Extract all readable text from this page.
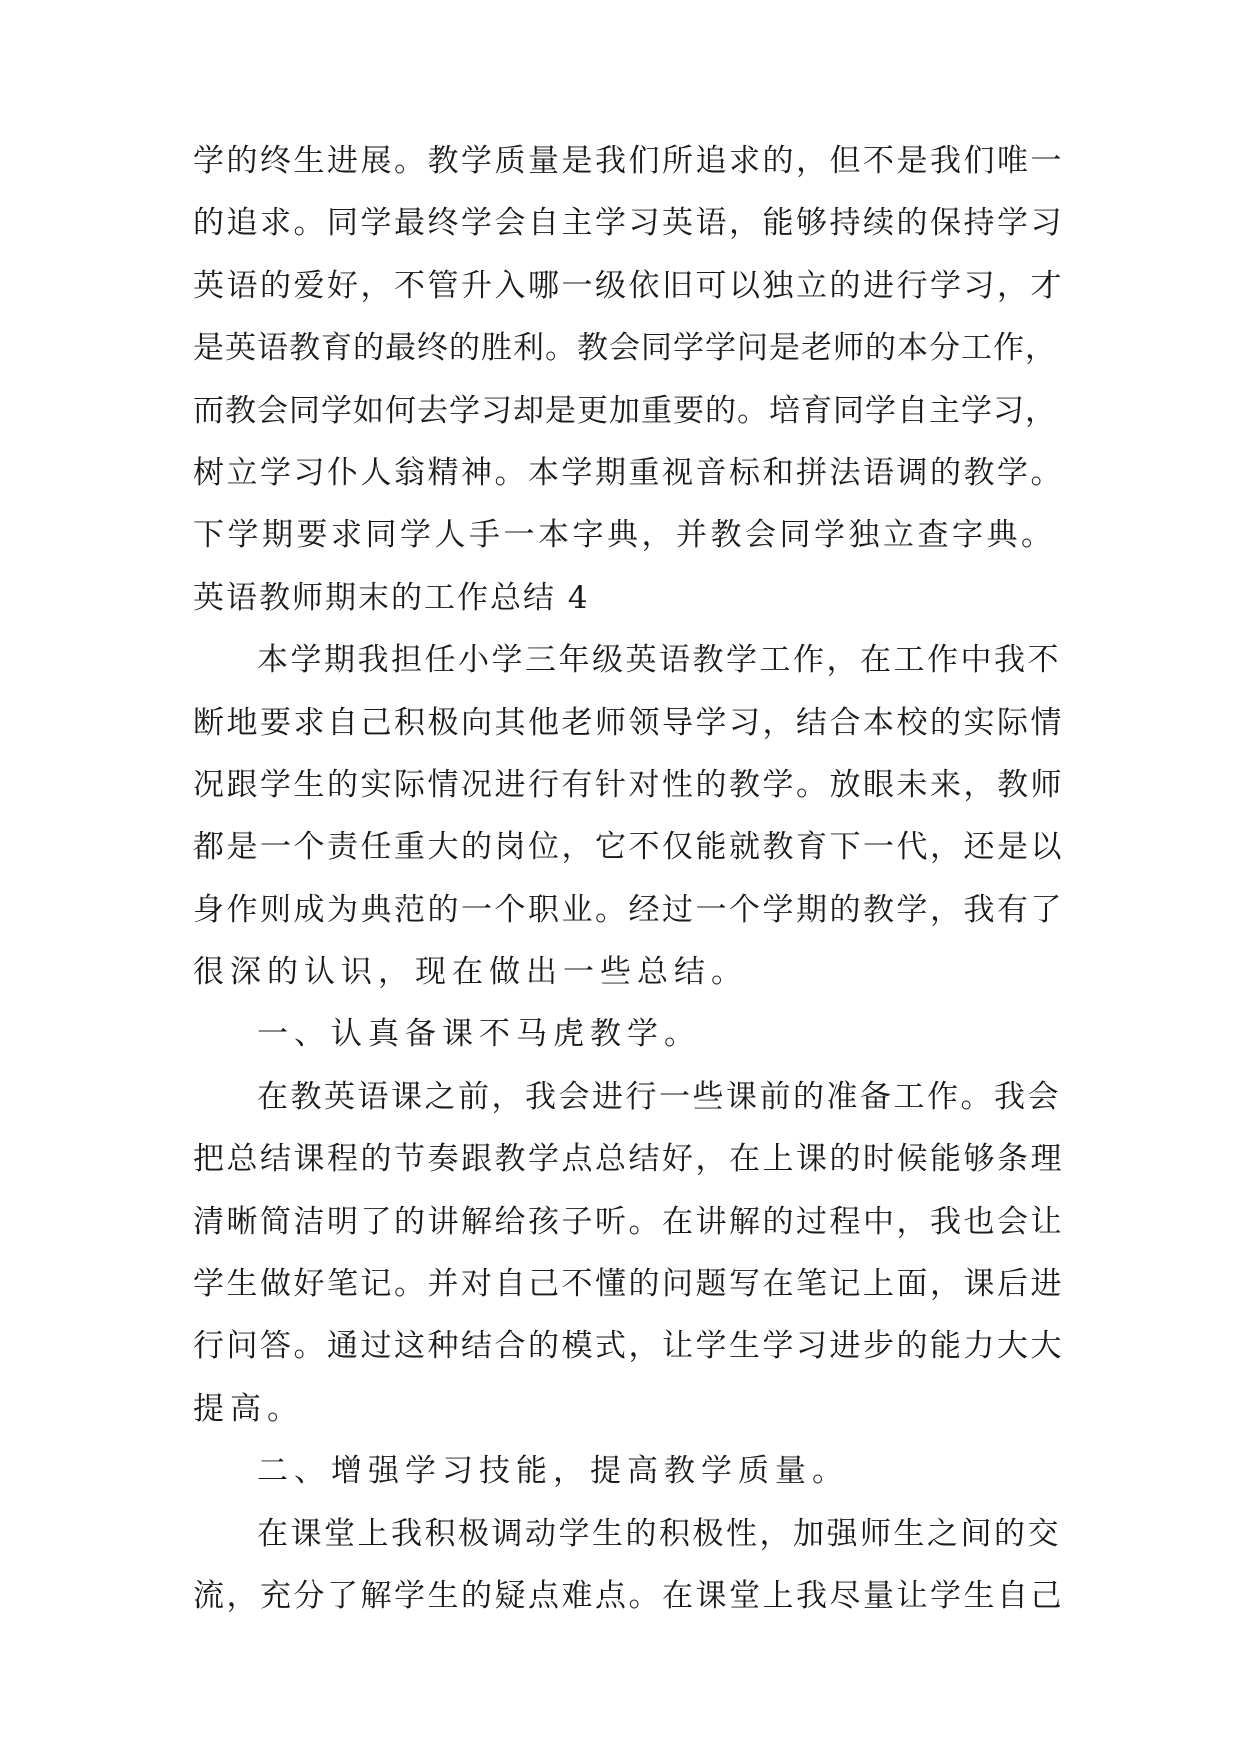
学的终生进展。教学质量是我们所追求的，但不是我们唯一
的追求。同学最终学会自主学习英语，能够持续的保持学习
英语的爱好，不管升入哪一级依旧可以独立的进行学习，才
是英语教育的最终的胜利。教会同学学问是老师的本分工作，
而教会同学如何去学习却是更加重要的。培育同学自主学习，
树立学习仆人翁精神。本学期重视音标和拼法语调的教学。
下学期要求同学人手一本字典，并教会同学独立查字典。
英语教师期末的工作总结 4
本学期我担任小学三年级英语教学工作，在工作中我不
断地要求自己积极向其他老师领导学习，结合本校的实际情
况跟学生的实际情况进行有针对性的教学。放眼未来，教师
都是一个责任重大的岗位，它不仅能就教育下一代，还是以
身作则成为典范的一个职业。经过一个学期的教学，我有了
很深的认识，现在做出一些总结。
一、认真备课不马虎教学。
在教英语课之前，我会进行一些课前的准备工作。我会
把总结课程的节奏跟教学点总结好，在上课的时候能够条理
清晰简洁明了的讲解给孩子听。在讲解的过程中，我也会让
学生做好笔记。并对自己不懂的问题写在笔记上面，课后进
行问答。通过这种结合的模式，让学生学习进步的能力大大
提高。
二、增强学习技能，提高教学质量。
在课堂上我积极调动学生的积极性，加强师生之间的交
流，充分了解学生的疑点难点。在课堂上我尽量让学生自己
